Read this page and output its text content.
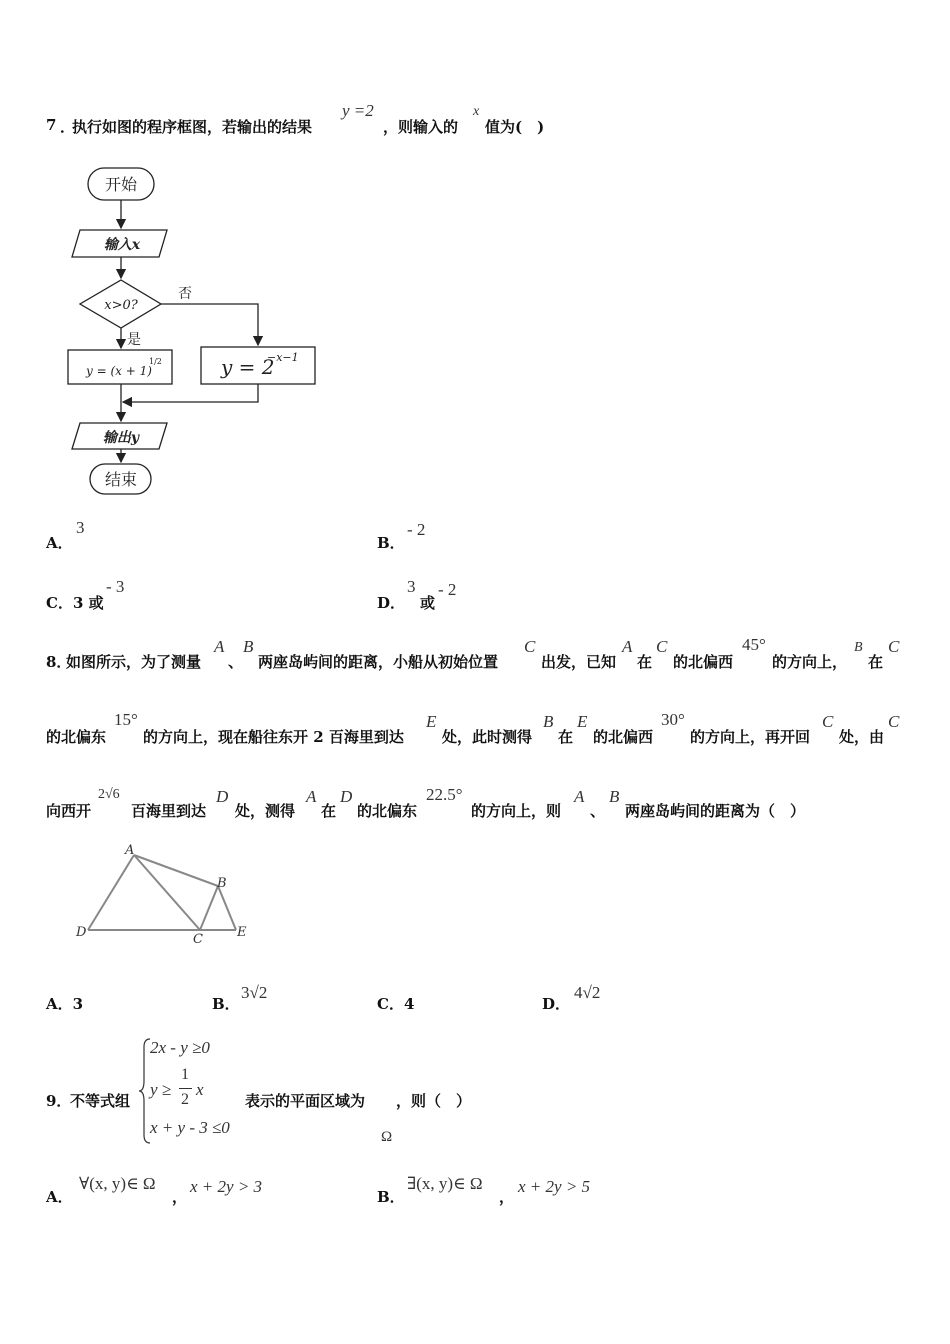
7 ．
执行如图的程序框图，若输出的结果
y =2
，则输入的
x
值为(　)
开始
输入x
x>0?
否
是
y = (x + 1)
1/2	y = 2
−x−1
输出y
结束
A．
3
B．
- 2
C．3 或
- 3
D．
3
或
- 2
8．
如图所示，为了测量
A
、
B
两座岛屿间的距离，小船从初始位置
C
出发，已知
A
在
C
的北偏西
45°
的方向上，
B
在
C
的北偏东
15°
的方向上，现在船往东开 2 百海里到达
E
处，此时测得
B
在
E
的北偏西
30°
的方向上，再开回
C
处，由
C
向西开
2√6
百海里到达
D
处，测得
A
在
D
的北偏东
22.5°
的方向上，则
A
、
B
两座岛屿间的距离为（　）
A
B
C
D	E
A．3	B．
3√2
C．4	D．
4√2
9．
不等式组
2x - y ≥0
y ≥
1
2
x
x + y - 3 ≤0
表示的平面区域为 ，则（　）
Ω
A．
∀(x, y)∈ Ω
，
x + 2y > 3
B．
∃(x, y)∈ Ω
，
x + 2y > 5
